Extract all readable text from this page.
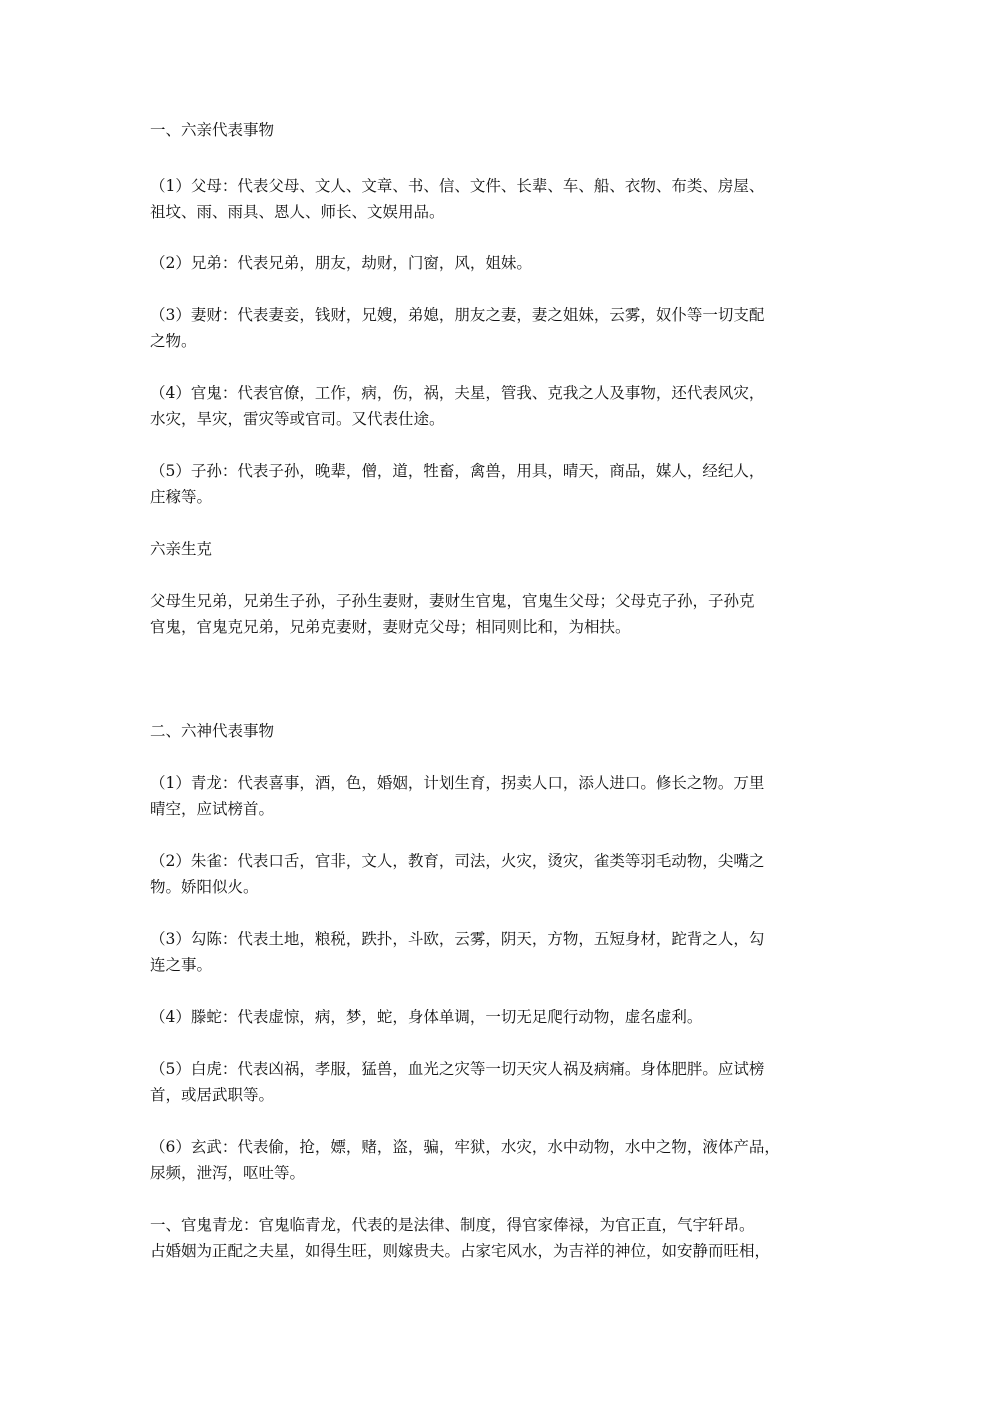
一、六亲代表事物

（1）父母：代表父母、文人、文章、书、信、文件、长辈、车、船、衣物、布类、房屋、
祖坟、雨、雨具、恩人、师长、文娱用品。

（2）兄弟：代表兄弟，朋友，劫财，门窗，风，姐妹。

（3）妻财：代表妻妾，钱财，兄嫂，弟媳，朋友之妻，妻之姐妹，云雾，奴仆等一切支配
之物。

（4）官鬼：代表官僚，工作，病，伤，祸，夫星，管我、克我之人及事物，还代表风灾，
水灾，旱灾，雷灾等或官司。又代表仕途。

（5）子孙：代表子孙，晚辈，僧，道，牲畜，禽兽，用具，晴天，商品，媒人，经纪人，
庄稼等。

六亲生克

父母生兄弟，兄弟生子孙，子孙生妻财，妻财生官鬼，官鬼生父母；父母克子孙，子孙克
官鬼，官鬼克兄弟，兄弟克妻财，妻财克父母；相同则比和，为相扶。

二、六神代表事物

（1）青龙：代表喜事，酒，色，婚姻，计划生育，拐卖人口，添人进口。修长之物。万里
晴空，应试榜首。

（2）朱雀：代表口舌，官非，文人，教育，司法，火灾，烫灾，雀类等羽毛动物，尖嘴之
物。娇阳似火。

（3）勾陈：代表土地，粮税，跌扑，斗欧，云雾，阴天，方物，五短身材，跎背之人，勾
连之事。

（4）滕蛇：代表虚惊，病，梦，蛇，身体单调，一切无足爬行动物，虚名虚利。

（5）白虎：代表凶祸，孝服，猛兽，血光之灾等一切天灾人祸及病痛。身体肥胖。应试榜
首，或居武职等。

（6）玄武：代表偷，抢，嫖，赌，盗，骗，牢狱，水灾，水中动物，水中之物，液体产品，
尿频，泄泻，呕吐等。

一、官鬼青龙：官鬼临青龙，代表的是法律、制度，得官家俸禄，为官正直，气宇轩昂。
占婚姻为正配之夫星，如得生旺，则嫁贵夫。占家宅风水，为吉祥的神位，如安静而旺相，
